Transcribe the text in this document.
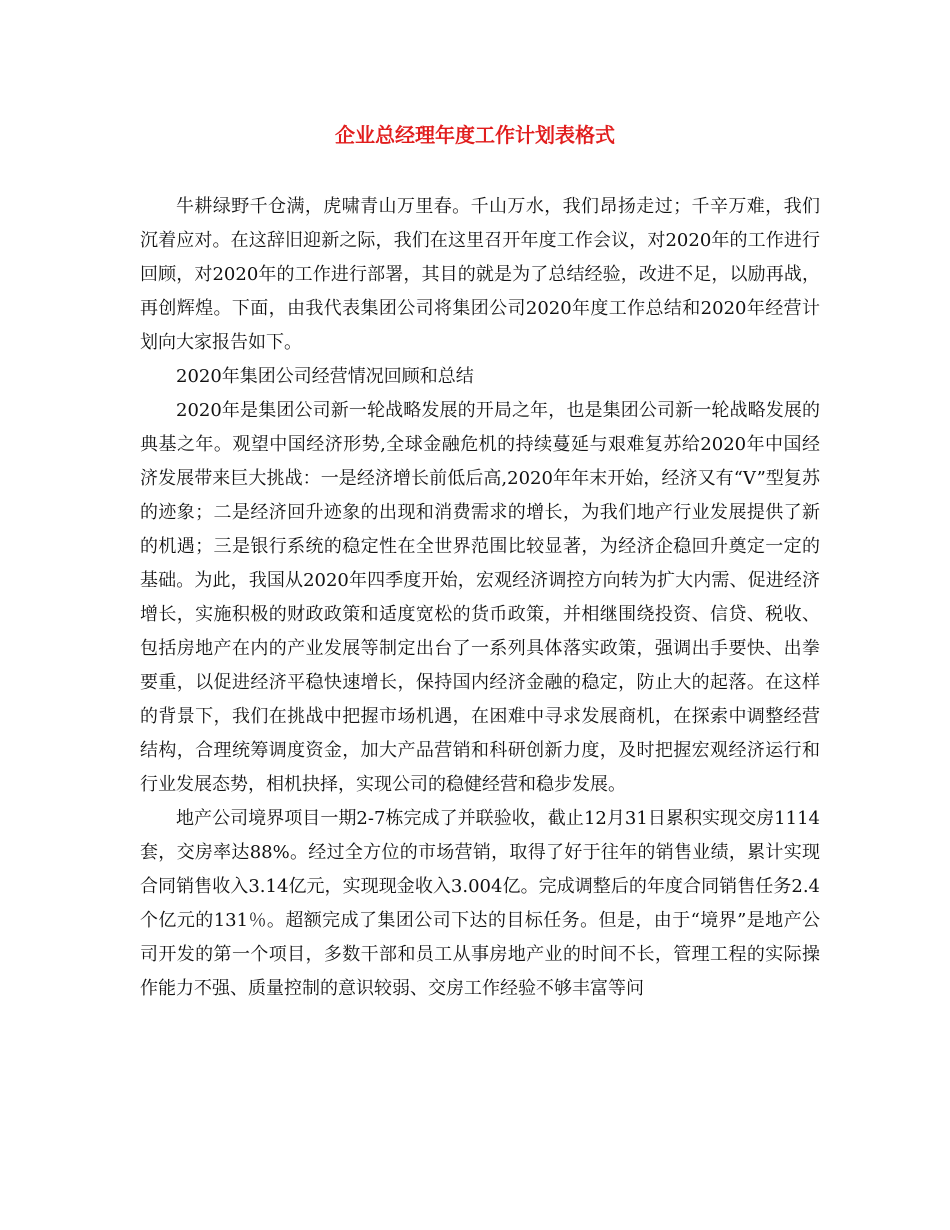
企业总经理年度工作计划表格式

牛耕绿野千仓满，虎啸青山万里春。千山万水，我们昂扬走过；千辛万难，我们沉着应对。在这辞旧迎新之际，我们在这里召开年度工作会议，对2020年的工作进行回顾，对2020年的工作进行部署，其目的就是为了总结经验，改进不足，以励再战，再创辉煌。下面，由我代表集团公司将集团公司2020年度工作总结和2020年经营计划向大家报告如下。

2020年集团公司经营情况回顾和总结

2020年是集团公司新一轮战略发展的开局之年，也是集团公司新一轮战略发展的典基之年。观望中国经济形势,全球金融危机的持续蔓延与艰难复苏给2020年中国经济发展带来巨大挑战：一是经济增长前低后高,2020年年末开始，经济又有“V”型复苏的迹象；二是经济回升迹象的出现和消费需求的增长，为我们地产行业发展提供了新的机遇；三是银行系统的稳定性在全世界范围比较显著，为经济企稳回升奠定一定的基础。为此，我国从2020年四季度开始，宏观经济调控方向转为扩大内需、促进经济增长，实施积极的财政政策和适度宽松的货币政策，并相继围绕投资、信贷、税收、包括房地产在内的产业发展等制定出台了一系列具体落实政策，强调出手要快、出拳要重，以促进经济平稳快速增长，保持国内经济金融的稳定，防止大的起落。在这样的背景下，我们在挑战中把握市场机遇，在困难中寻求发展商机，在探索中调整经营结构，合理统筹调度资金，加大产品营销和科研创新力度，及时把握宏观经济运行和行业发展态势，相机抉择，实现公司的稳健经营和稳步发展。

地产公司境界项目一期2-7栋完成了并联验收，截止12月31日累积实现交房1114套，交房率达88%。经过全方位的市场营销，取得了好于往年的销售业绩，累计实现合同销售收入3.14亿元，实现现金收入3.004亿。完成调整后的年度合同销售任务2.4个亿元的131％。超额完成了集团公司下达的目标任务。但是，由于“境界”是地产公司开发的第一个项目，多数干部和员工从事房地产业的时间不长，管理工程的实际操作能力不强、质量控制的意识较弱、交房工作经验不够丰富等问
